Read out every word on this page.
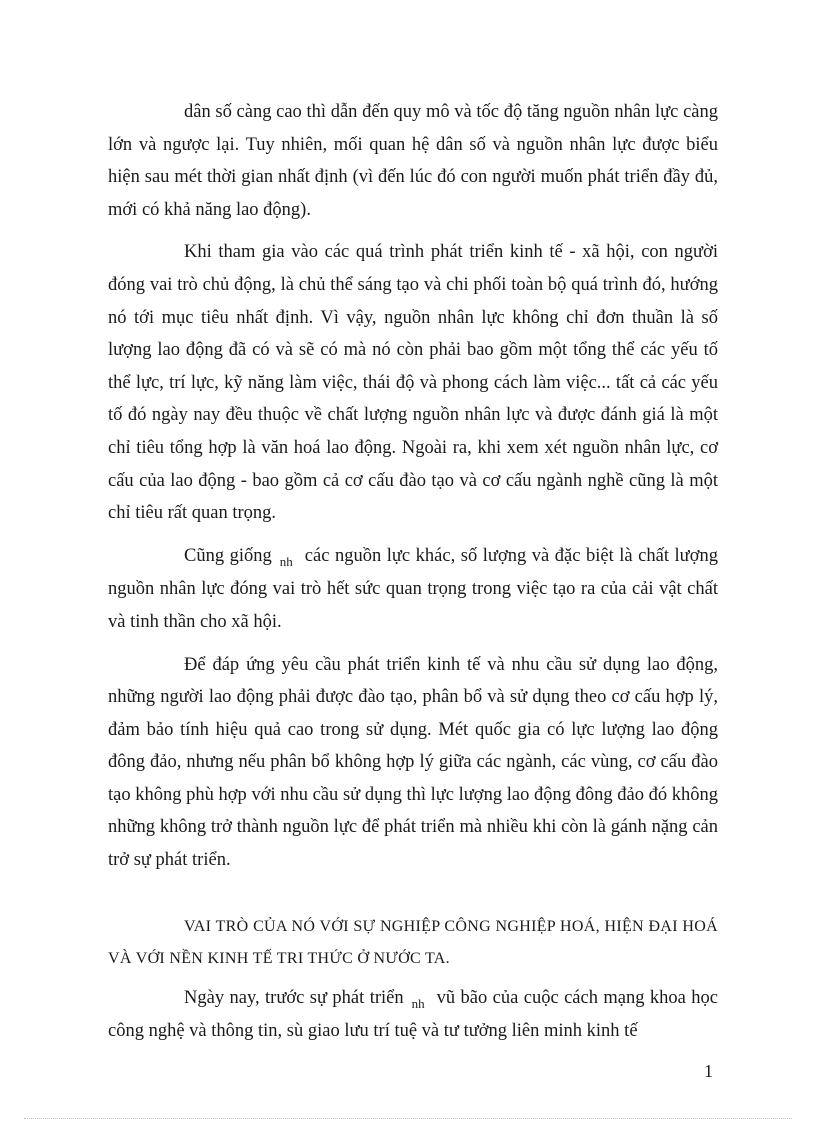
dân số càng cao thì dẫn đến quy mô và tốc độ tăng nguồn nhân lực càng lớn và ngược lại. Tuy nhiên, mối quan hệ dân số và nguồn nhân lực được biểu hiện sau mét thời gian nhất định (vì đến lúc đó con người muốn phát triển đầy đủ, mới có khả năng lao động).

Khi tham gia vào các quá trình phát triển kinh tế - xã hội, con người đóng vai trò chủ động, là chủ thể sáng tạo và chi phối toàn bộ quá trình đó, hướng nó tới mục tiêu nhất định. Vì vậy, nguồn nhân lực không chỉ đơn thuần là số lượng lao động đã có và sẽ có mà nó còn phải bao gồm một tổng thể các yếu tố thể lực, trí lực, kỹ năng làm việc, thái độ và phong cách làm việc... tất cả các yếu tố đó ngày nay đều thuộc về chất lượng nguồn nhân lực và được đánh giá là một chỉ tiêu tổng hợp là văn hoá lao động. Ngoài ra, khi xem xét nguồn nhân lực, cơ cấu của lao động - bao gồm cả cơ cấu đào tạo và cơ cấu ngành nghề cũng là một chỉ tiêu rất quan trọng.

Cũng giống $_{nh}$ các nguồn lực khác, số lượng và đặc biệt là chất lượng nguồn nhân lực đóng vai trò hết sức quan trọng trong việc tạo ra của cải vật chất và tinh thần cho xã hội.

Để đáp ứng yêu cầu phát triển kinh tế và nhu cầu sử dụng lao động, những người lao động phải được đào tạo, phân bổ và sử dụng theo cơ cấu hợp lý, đảm bảo tính hiệu quả cao trong sử dụng. Mét quốc gia có lực lượng lao động đông đảo, nhưng nếu phân bổ không hợp lý giữa các ngành, các vùng, cơ cấu đào tạo không phù hợp với nhu cầu sử dụng thì lực lượng lao động đông đảo đó không những không trở thành nguồn lực để phát triển mà nhiều khi còn là gánh nặng cản trở sự phát triển.

VAI TRÒ CỦA NÓ VỚI SỰ NGHIỆP CÔNG NGHIỆP HOÁ, HIỆN ĐẠI HOÁ VÀ VỚI NỀN KINH TẾ TRI THỨC Ở NƯỚC TA.

Ngày nay, trước sự phát triển $_{nh}$ vũ bão của cuộc cách mạng khoa học công nghệ và thông tin, sù giao lưu trí tuệ và tư tưởng liên minh kinh tế

1
